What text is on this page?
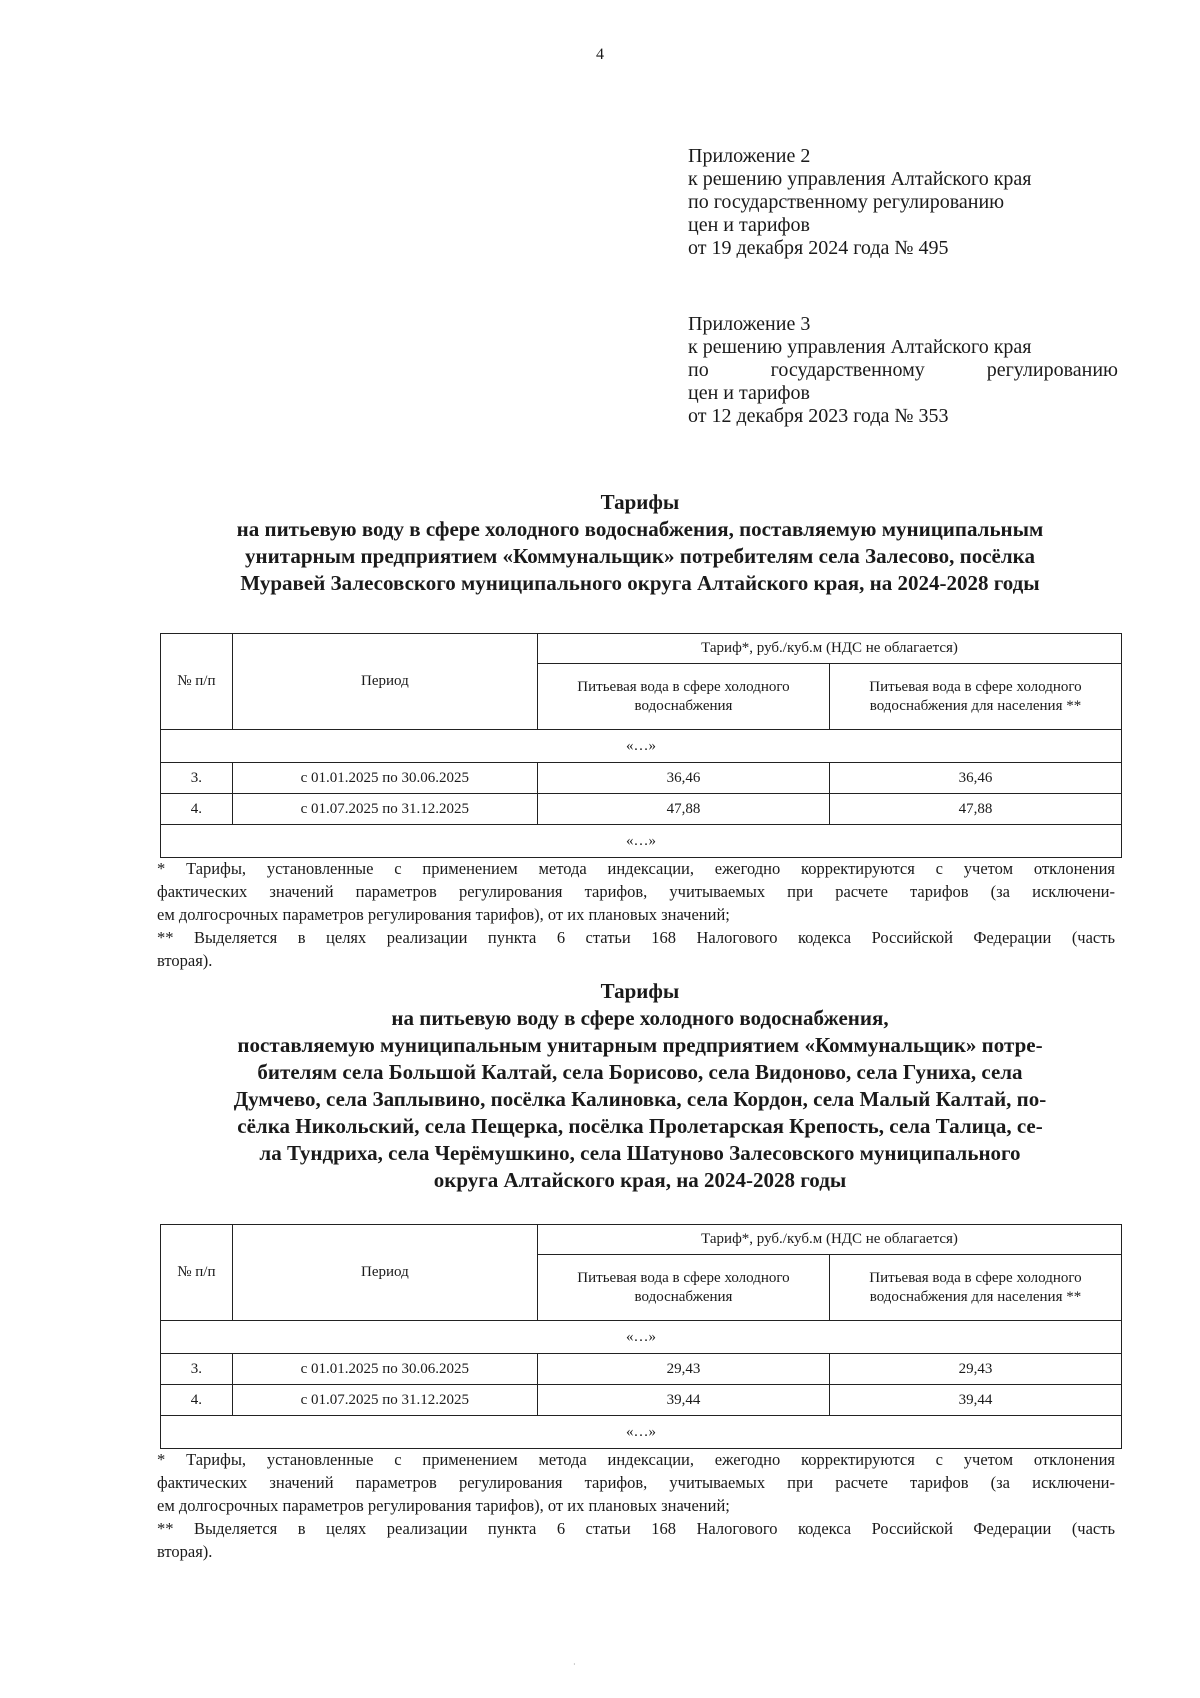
4
Приложение 2
к решению управления Алтайского края
по государственному регулированию
цен и тарифов
от 19 декабря 2024 года № 495
Приложение 3
к решению управления Алтайского края
по	государственному	регулированию
цен и тарифов
от 12 декабря 2023 года № 353
Тарифы
на питьевую воду в сфере холодного водоснабжения, поставляемую муниципальным
унитарным предприятием «Коммунальщик» потребителям села Залесово, посёлка
Муравей Залесовского муниципального округа Алтайского края, на 2024-2028 годы
№ п/п	Период	Тариф*, руб./куб.м (НДС не облагается)	
		Питьевая вода в сфере холодного водоснабжения	Питьевая вода в сфере холодного водоснабжения для населения **
«…»			
3.	с 01.01.2025 по 30.06.2025	36,46	36,46
4.	с 01.07.2025 по 31.12.2025	47,88	47,88
«…»			
* Тарифы, установленные с применением метода индексации, ежегодно корректируются с учетом отклонения
фактических значений параметров регулирования тарифов, учитываемых при расчете тарифов (за исключени-
ем долгосрочных параметров регулирования тарифов), от их плановых значений;
** Выделяется в целях реализации пункта 6 статьи 168 Налогового кодекса Российской Федерации (часть
вторая).
Тарифы
на питьевую воду в сфере холодного водоснабжения,
поставляемую муниципальным унитарным предприятием «Коммунальщик» потре-
бителям села Большой Калтай, села Борисово, села Видоново, села Гуниха, села
Думчево, села Заплывино, посёлка Калиновка, села Кордон, села Малый Калтай, по-
сёлка Никольский, села Пещерка, посёлка Пролетарская Крепость, села Талица, се-
ла Тундриха, села Черёмушкино, села Шатуново Залесовского муниципального
округа Алтайского края, на 2024-2028 годы
№ п/п	Период	Тариф*, руб./куб.м (НДС не облагается)	
		Питьевая вода в сфере холодного водоснабжения	Питьевая вода в сфере холодного водоснабжения для населения **
«…»			
3.	с 01.01.2025 по 30.06.2025	29,43	29,43
4.	с 01.07.2025 по 31.12.2025	39,44	39,44
«…»			
* Тарифы, установленные с применением метода индексации, ежегодно корректируются с учетом отклонения
фактических значений параметров регулирования тарифов, учитываемых при расчете тарифов (за исключени-
ем долгосрочных параметров регулирования тарифов), от их плановых значений;
** Выделяется в целях реализации пункта 6 статьи 168 Налогового кодекса Российской Федерации (часть
вторая).
·
